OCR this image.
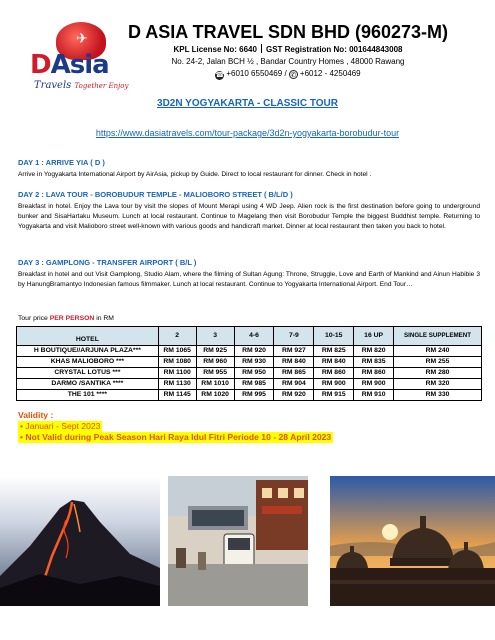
✈
DAsia
Travels Together Enjoy
D ASIA TRAVEL SDN BHD (960273-M)
KPL License No: 6640 GST Registration No: 001644843008
No. 24-2, Jalan BCH ½ , Bandar Country Homes , 48000 Rawang
☎ +6010 6550469 / ✆ +6012 - 4250469
3D2N YOGYAKARTA - CLASSIC TOUR
https://www.dasiatravels.com/tour-package/3d2n-yogyakarta-borobudur-tour
DAY 1 : ARRIVE YIA ( D )

Arrive in Yogyakarta International Airport by AirAsia, pickup by Guide. Direct to local restaurant for dinner. Check in hotel .

DAY 2 : LAVA TOUR - BOROBUDUR TEMPLE - MALIOBORO STREET ( B/L/D )

Breakfast in hotel. Enjoy the Lava tour by visit the slopes of Mount Merapi using 4 WD Jeep. Alien rock is the first destination before going to underground bunker and SisaHartaku Museum. Lunch at local restaurant. Continue to Magelang then visit Borobudur Temple the biggest Buddhist temple. Returning to Yogyakarta and visit Malioboro street well-known with various goods and handicraft market. Dinner at local restaurant then taken you back to hotel.

DAY 3 : GAMPLONG - TRANSFER AIRPORT ( B/L )

Breakfast in hotel and out Visit Gamplong, Studio Alam, where the filming of Sultan Agung: Throne, Struggle, Love and Earth of Mankind and Ainun Habibie 3 by HanungBramantyo Indonesian famous filmmaker. Lunch at local restaurant. Continue to Yogyakarta International Airport. End Tour…

Tour price PER PERSON in RM
HOTEL	2	3	4-6	7-9	10-15	16 UP	SINGLE SUPPLEMENT
H BOUTIQUE//ARJUNA PLAZA***	RM 1065	RM 925	RM 920	RM 927	RM 825	RM 820	RM 240
KHAS MALIOBORO ***	RM 1080	RM 960	RM 930	RM 840	RM 840	RM 835	RM 255
CRYSTAL LOTUS ***	RM 1100	RM 955	RM 950	RM 865	RM 860	RM 860	RM 280
DARMO /SANTIKA ****	RM 1130	RM 1010	RM 985	RM 904	RM 900	RM 900	RM 320
THE 101 ****	RM 1145	RM 1020	RM 995	RM 920	RM 915	RM 910	RM 330
Validity :
• Januari - Sept 2023
• Not Valid during Peak Season Hari Raya Idul Fitri Periode 10 - 28 April 2023
